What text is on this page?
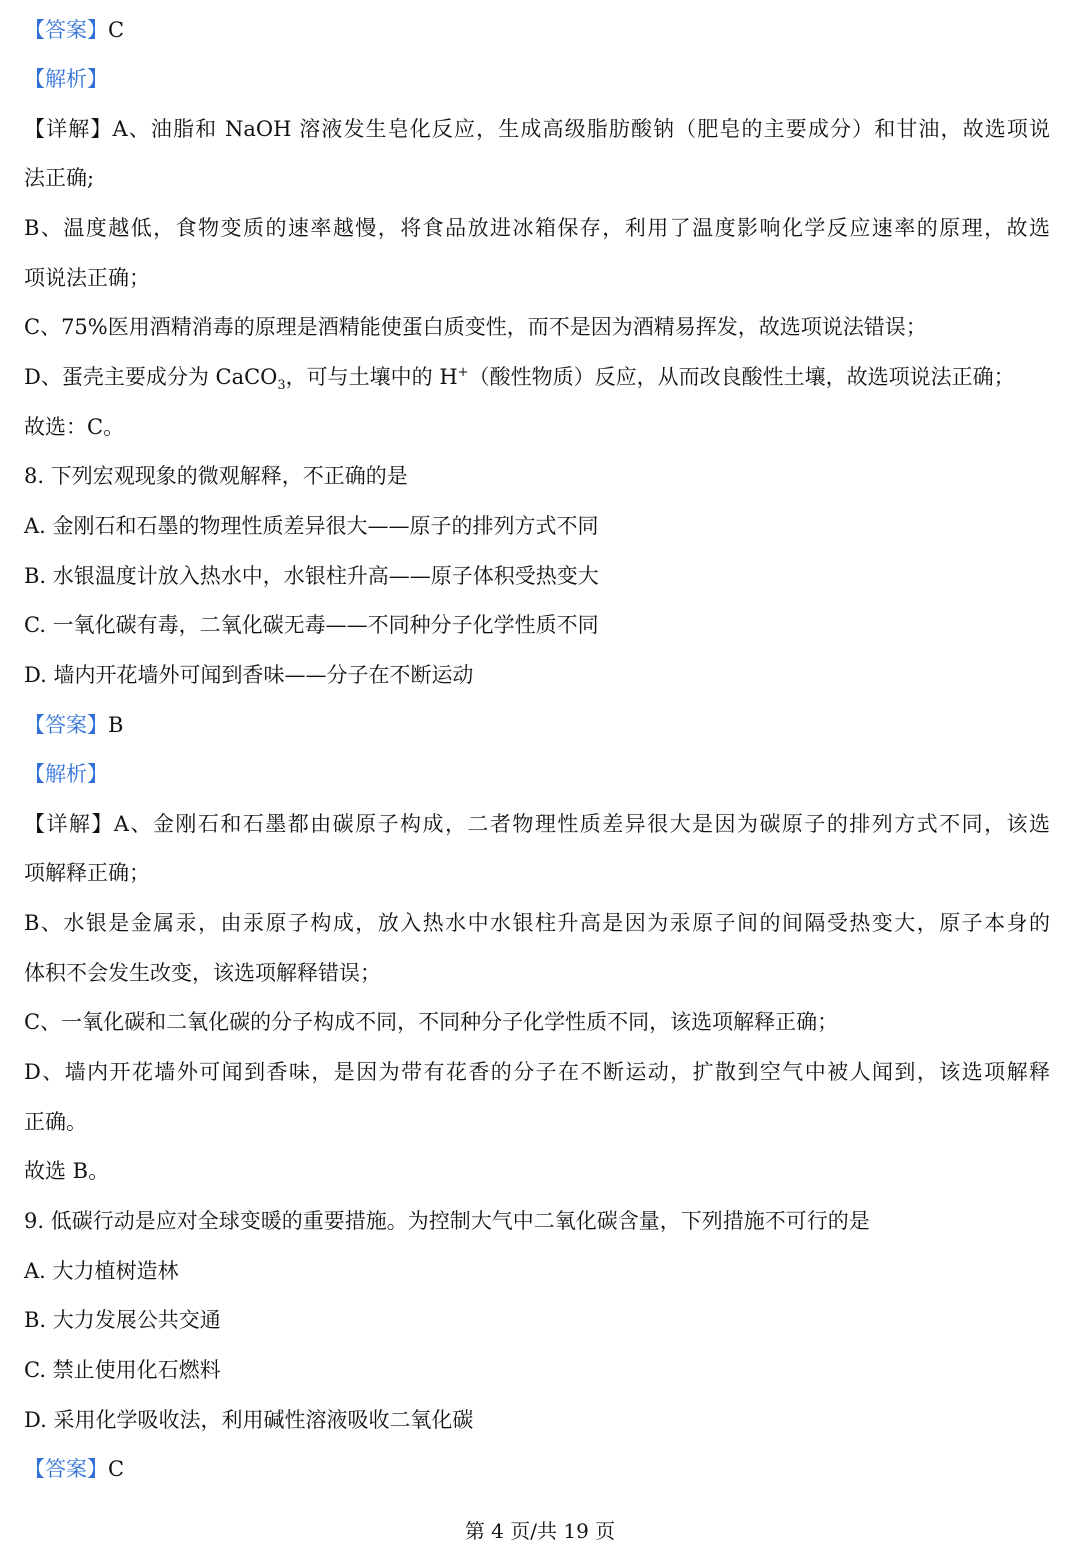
【答案】C
【解析】
【详解】A、油脂和 NaOH 溶液发生皂化反应，生成高级脂肪酸钠（肥皂的主要成分）和甘油，故选项说
法正确;
B、温度越低，食物变质的速率越慢，将食品放进冰箱保存，利用了温度影响化学反应速率的原理，故选
项说法正确；
C、75%医用酒精消毒的原理是酒精能使蛋白质变性，而不是因为酒精易挥发，故选项说法错误；
D、蛋壳主要成分为 CaCO$_3$，可与土壤中的 H+（酸性物质）反应，从而改良酸性土壤，故选项说法正确；
故选：C。
8. 下列宏观现象的微观解释，不正确的是
A. 金刚石和石墨的物理性质差异很大——原子的排列方式不同
B. 水银温度计放入热水中，水银柱升高——原子体积受热变大
C. 一氧化碳有毒，二氧化碳无毒——不同种分子化学性质不同
D. 墙内开花墙外可闻到香味——分子在不断运动
【答案】B
【解析】
【详解】A、金刚石和石墨都由碳原子构成，二者物理性质差异很大是因为碳原子的排列方式不同，该选
项解释正确；
B、水银是金属汞，由汞原子构成，放入热水中水银柱升高是因为汞原子间的间隔受热变大，原子本身的
体积不会发生改变，该选项解释错误；
C、一氧化碳和二氧化碳的分子构成不同，不同种分子化学性质不同，该选项解释正确；
D、墙内开花墙外可闻到香味，是因为带有花香的分子在不断运动，扩散到空气中被人闻到，该选项解释
正确。
故选 B。
9. 低碳行动是应对全球变暖的重要措施。为控制大气中二氧化碳含量，下列措施不可行的是
A. 大力植树造林
B. 大力发展公共交通
C. 禁止使用化石燃料
D. 采用化学吸收法，利用碱性溶液吸收二氧化碳
【答案】C
第 4 页/共 19 页
